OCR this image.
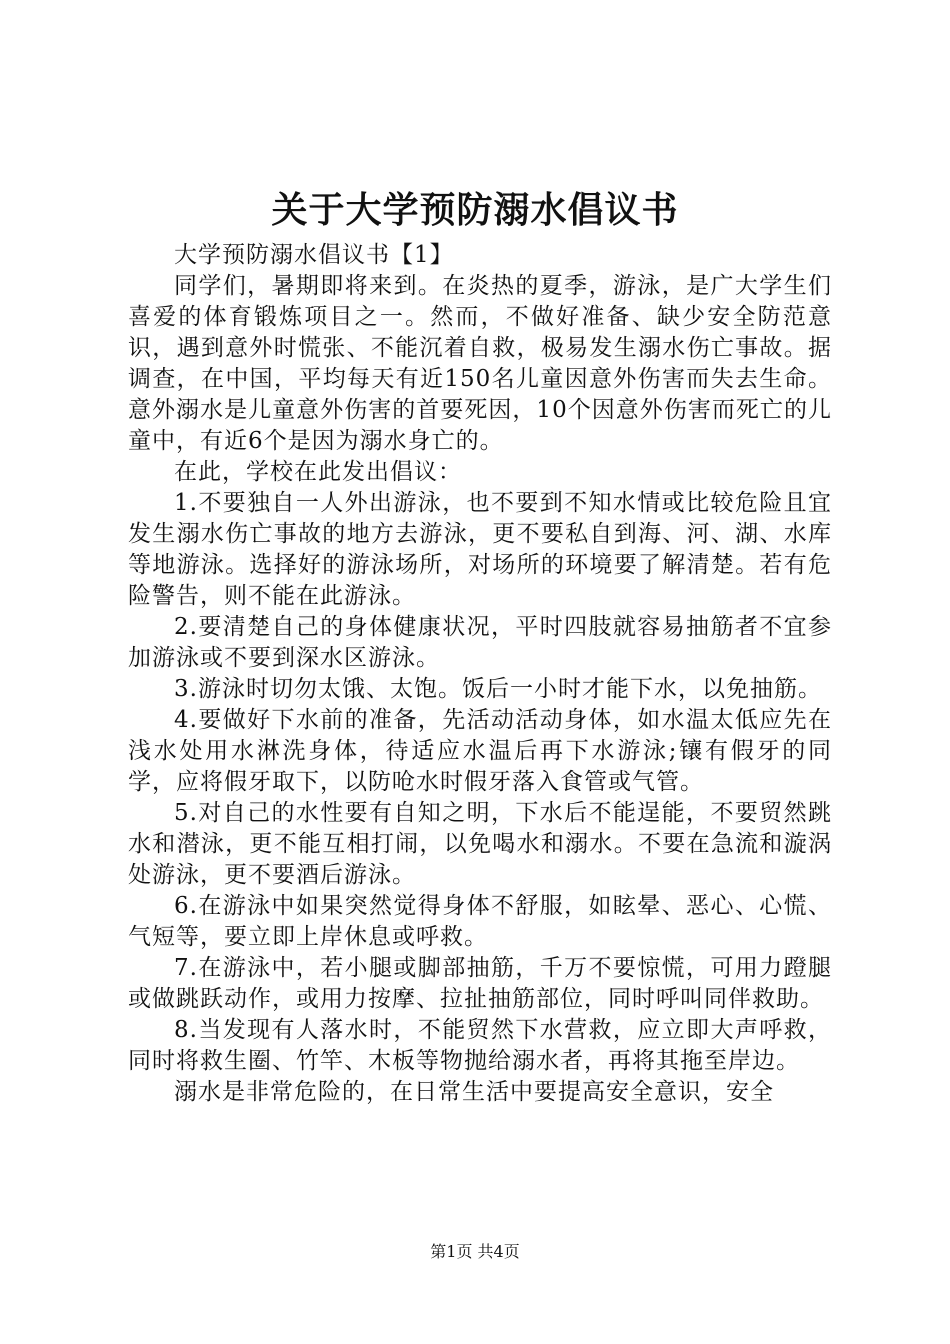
关于大学预防溺水倡议书

大学预防溺水倡议书【1】

同学们，暑期即将来到。在炎热的夏季，游泳，是广大学生们喜爱的体育锻炼项目之一。然而，不做好准备、缺少安全防范意识，遇到意外时慌张、不能沉着自救，极易发生溺水伤亡事故。据调查，在中国，平均每天有近150名儿童因意外伤害而失去生命。意外溺水是儿童意外伤害的首要死因，10个因意外伤害而死亡的儿童中，有近6个是因为溺水身亡的。

在此，学校在此发出倡议：

1.不要独自一人外出游泳，也不要到不知水情或比较危险且宜发生溺水伤亡事故的地方去游泳，更不要私自到海、河、湖、水库等地游泳。选择好的游泳场所，对场所的环境要了解清楚。若有危险警告，则不能在此游泳。

2.要清楚自己的身体健康状况，平时四肢就容易抽筋者不宜参加游泳或不要到深水区游泳。

3.游泳时切勿太饿、太饱。饭后一小时才能下水，以免抽筋。

4.要做好下水前的准备，先活动活动身体，如水温太低应先在浅水处用水淋洗身体，待适应水温后再下水游泳;镶有假牙的同学，应将假牙取下，以防呛水时假牙落入食管或气管。

5.对自己的水性要有自知之明，下水后不能逞能，不要贸然跳水和潜泳，更不能互相打闹，以免喝水和溺水。不要在急流和漩涡处游泳，更不要酒后游泳。

6.在游泳中如果突然觉得身体不舒服，如眩晕、恶心、心慌、气短等，要立即上岸休息或呼救。

7.在游泳中，若小腿或脚部抽筋，千万不要惊慌，可用力蹬腿或做跳跃动作，或用力按摩、拉扯抽筋部位，同时呼叫同伴救助。

8.当发现有人落水时，不能贸然下水营救，应立即大声呼救，同时将救生圈、竹竿、木板等物抛给溺水者，再将其拖至岸边。

溺水是非常危险的，在日常生活中要提高安全意识，安全

第1页 共4页
